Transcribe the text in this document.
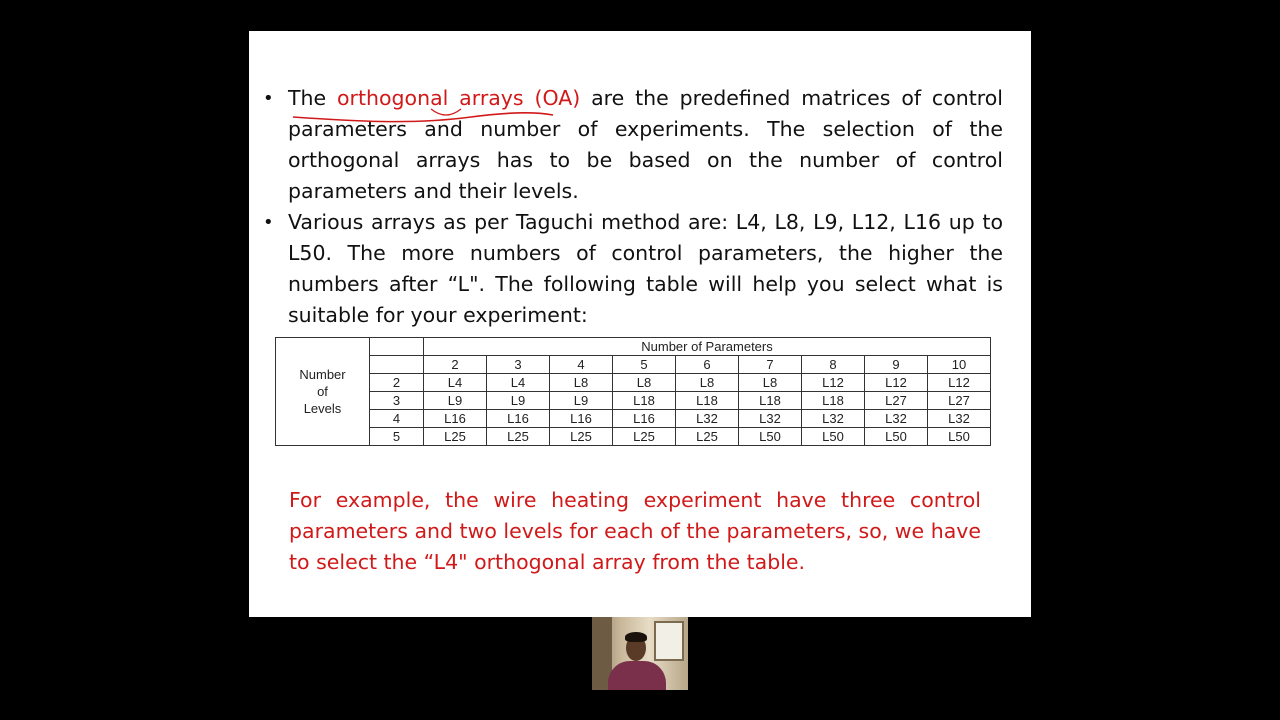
• The orthogonal arrays (OA) are the predefined matrices of control parameters and number of experiments. The selection of the orthogonal arrays has to be based on the number of control parameters and their levels.
• Various arrays as per Taguchi method are: L4, L8, L9, L12, L16 up to L50. The more numbers of control parameters, the higher the numbers after “L". The following table will help you select what is suitable for your experiment:
Number
of
Levels		Number of Parameters								
		2	3	4	5	6	7	8	9	10
	2	L4	L4	L8	L8	L8	L8	L12	L12	L12
	3	L9	L9	L9	L18	L18	L18	L18	L27	L27
	4	L16	L16	L16	L16	L32	L32	L32	L32	L32
	5	L25	L25	L25	L25	L25	L50	L50	L50	L50

For example, the wire heating experiment have three control parameters and two levels for each of the parameters, so, we have to select the “L4" orthogonal array from the table.
